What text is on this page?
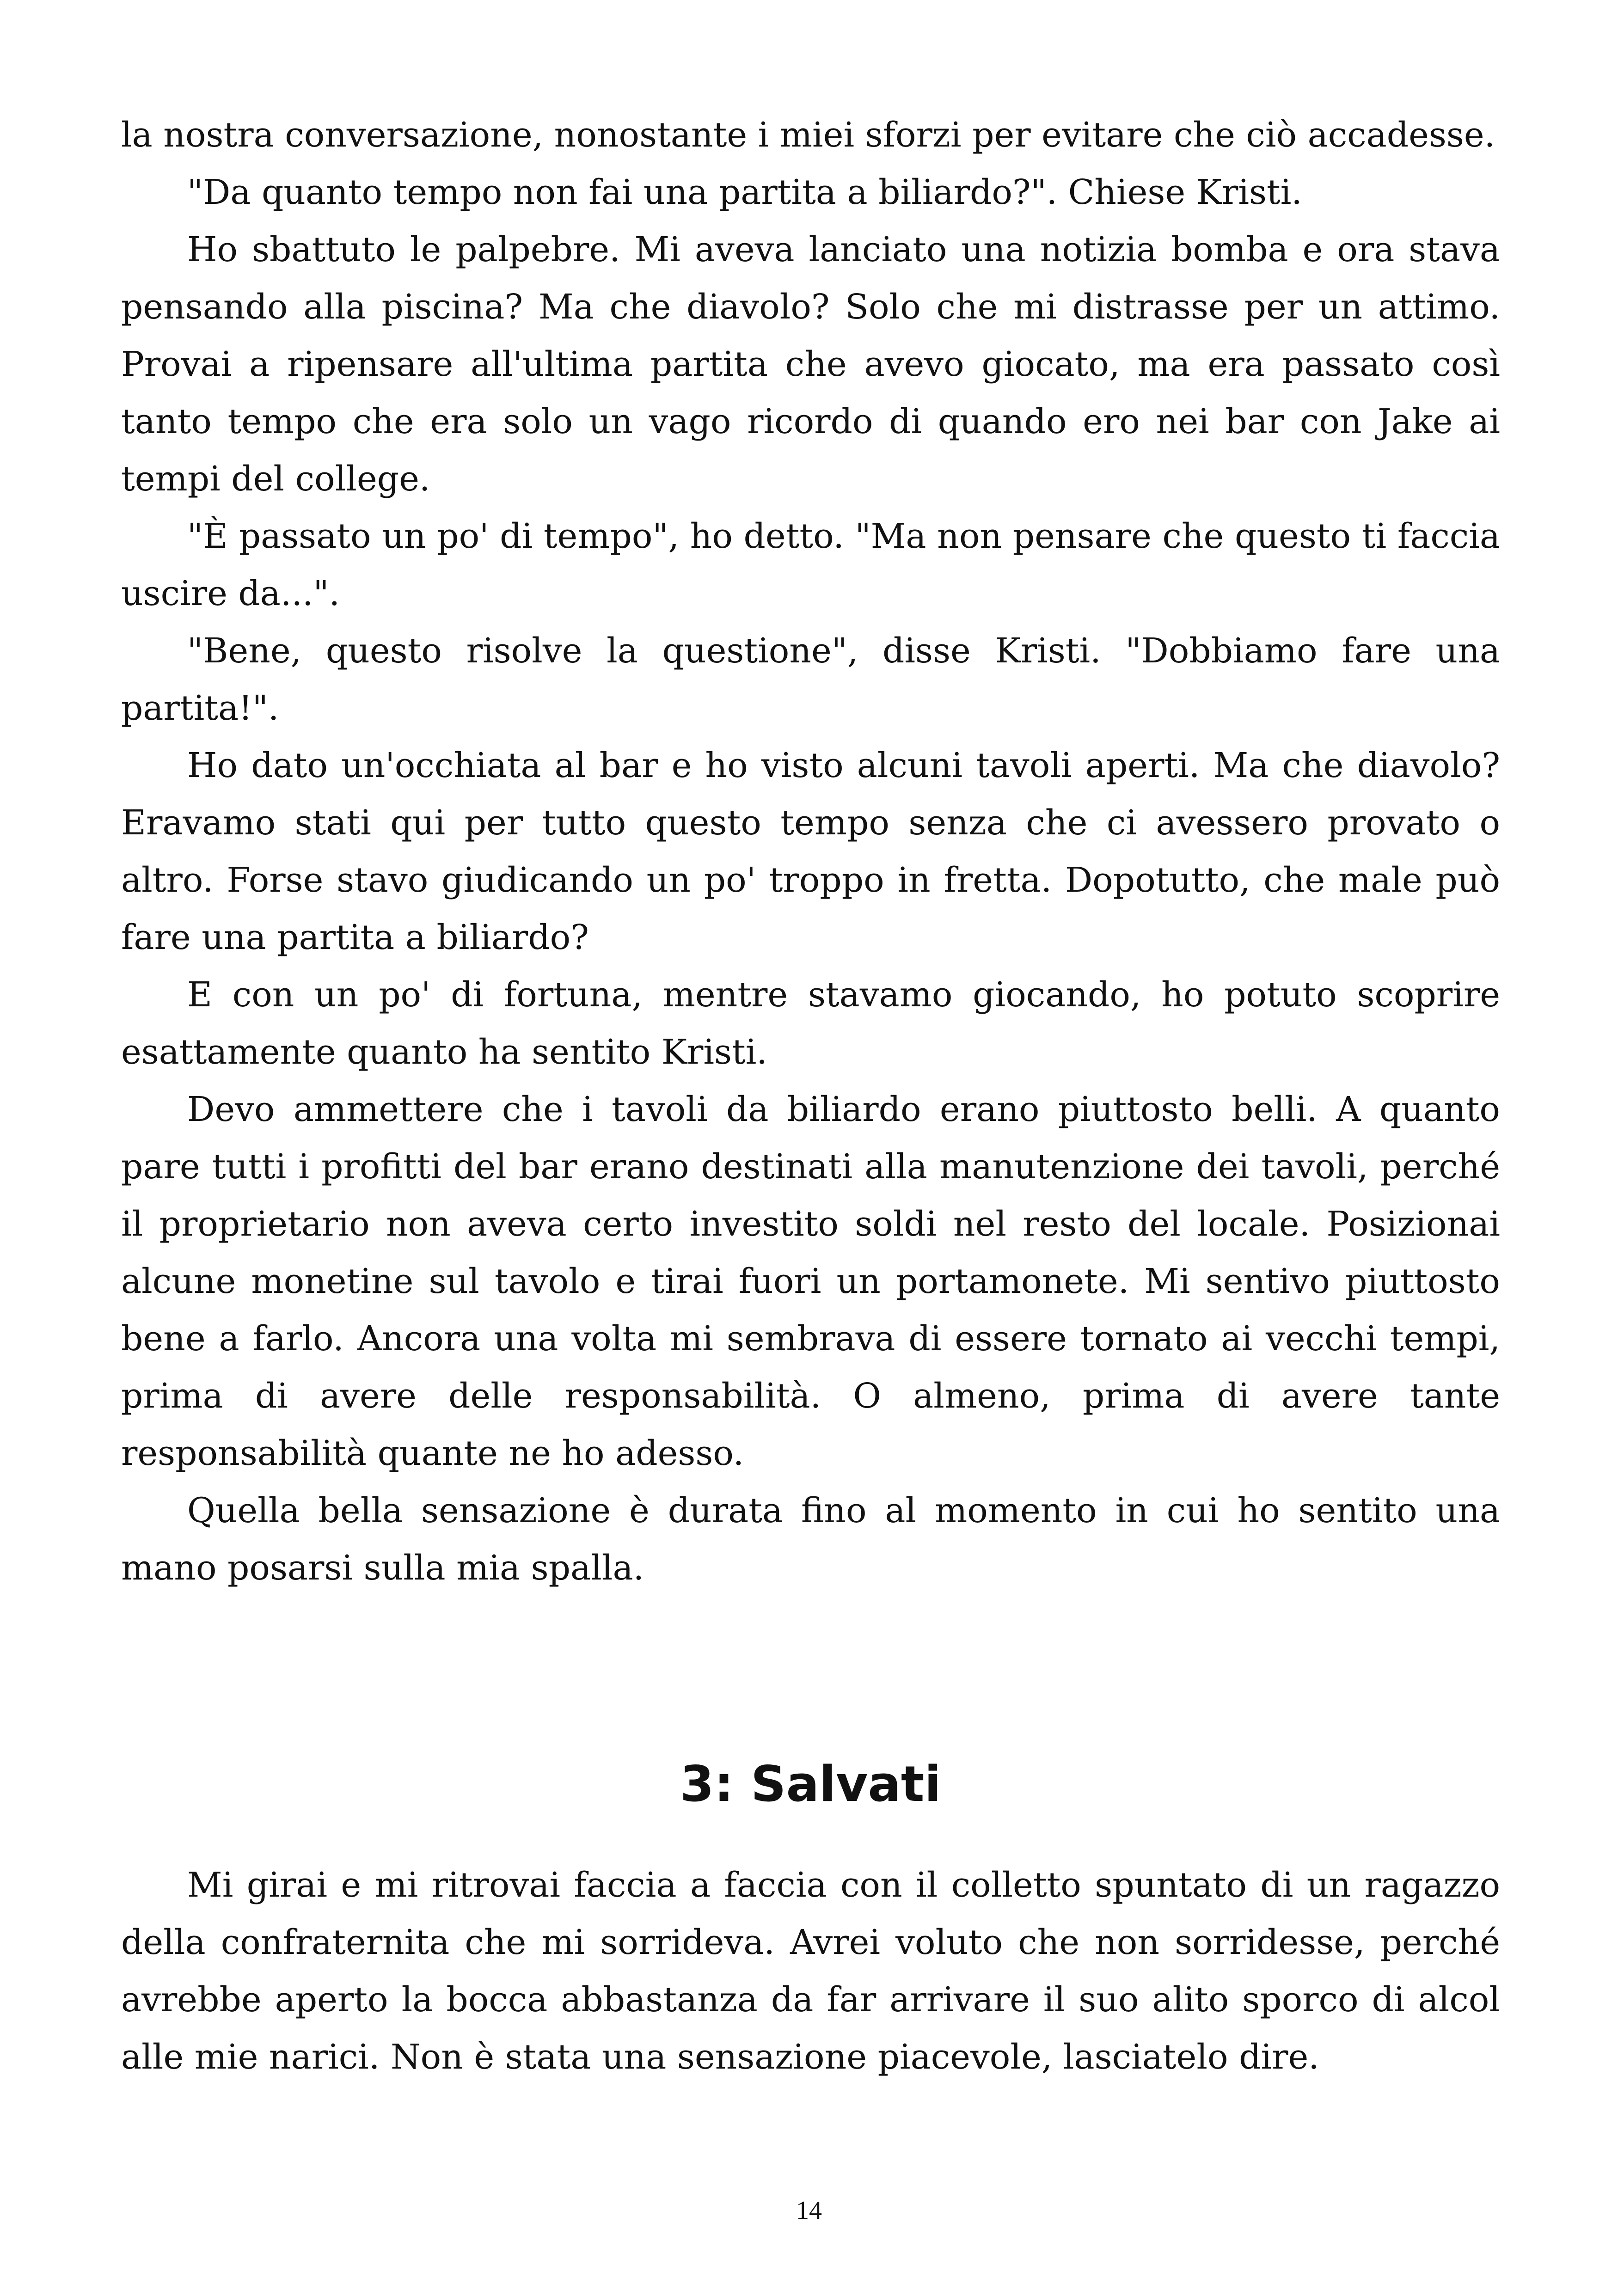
la nostra conversazione, nonostante i miei sforzi per evitare che ciò accadesse.

"Da quanto tempo non fai una partita a biliardo?". Chiese Kristi.

Ho sbattuto le palpebre. Mi aveva lanciato una notizia bomba e ora stava pensando alla piscina? Ma che diavolo? Solo che mi distrasse per un attimo. Provai a ripensare all'ultima partita che avevo giocato, ma era passato così tanto tempo che era solo un vago ricordo di quando ero nei bar con Jake ai tempi del college.

"È passato un po' di tempo", ho detto. "Ma non pensare che questo ti faccia uscire da...".

"Bene, questo risolve la questione", disse Kristi. "Dobbiamo fare una partita!".

Ho dato un'occhiata al bar e ho visto alcuni tavoli aperti. Ma che diavolo? Eravamo stati qui per tutto questo tempo senza che ci avessero provato o altro. Forse stavo giudicando un po' troppo in fretta. Dopotutto, che male può fare una partita a biliardo?

E con un po' di fortuna, mentre stavamo giocando, ho potuto scoprire esattamente quanto ha sentito Kristi.

Devo ammettere che i tavoli da biliardo erano piuttosto belli. A quanto pare tutti i profitti del bar erano destinati alla manutenzione dei tavoli, perché il proprietario non aveva certo investito soldi nel resto del locale. Posizionai alcune monetine sul tavolo e tirai fuori un portamonete. Mi sentivo piuttosto bene a farlo. Ancora una volta mi sembrava di essere tornato ai vecchi tempi, prima di avere delle responsabilità. O almeno, prima di avere tante responsabilità quante ne ho adesso.

Quella bella sensazione è durata fino al momento in cui ho sentito una mano posarsi sulla mia spalla.

3: Salvati

Mi girai e mi ritrovai faccia a faccia con il colletto spuntato di un ragazzo della confraternita che mi sorrideva. Avrei voluto che non sorridesse, perché avrebbe aperto la bocca abbastanza da far arrivare il suo alito sporco di alcol alle mie narici. Non è stata una sensazione piacevole, lasciatelo dire.

14
